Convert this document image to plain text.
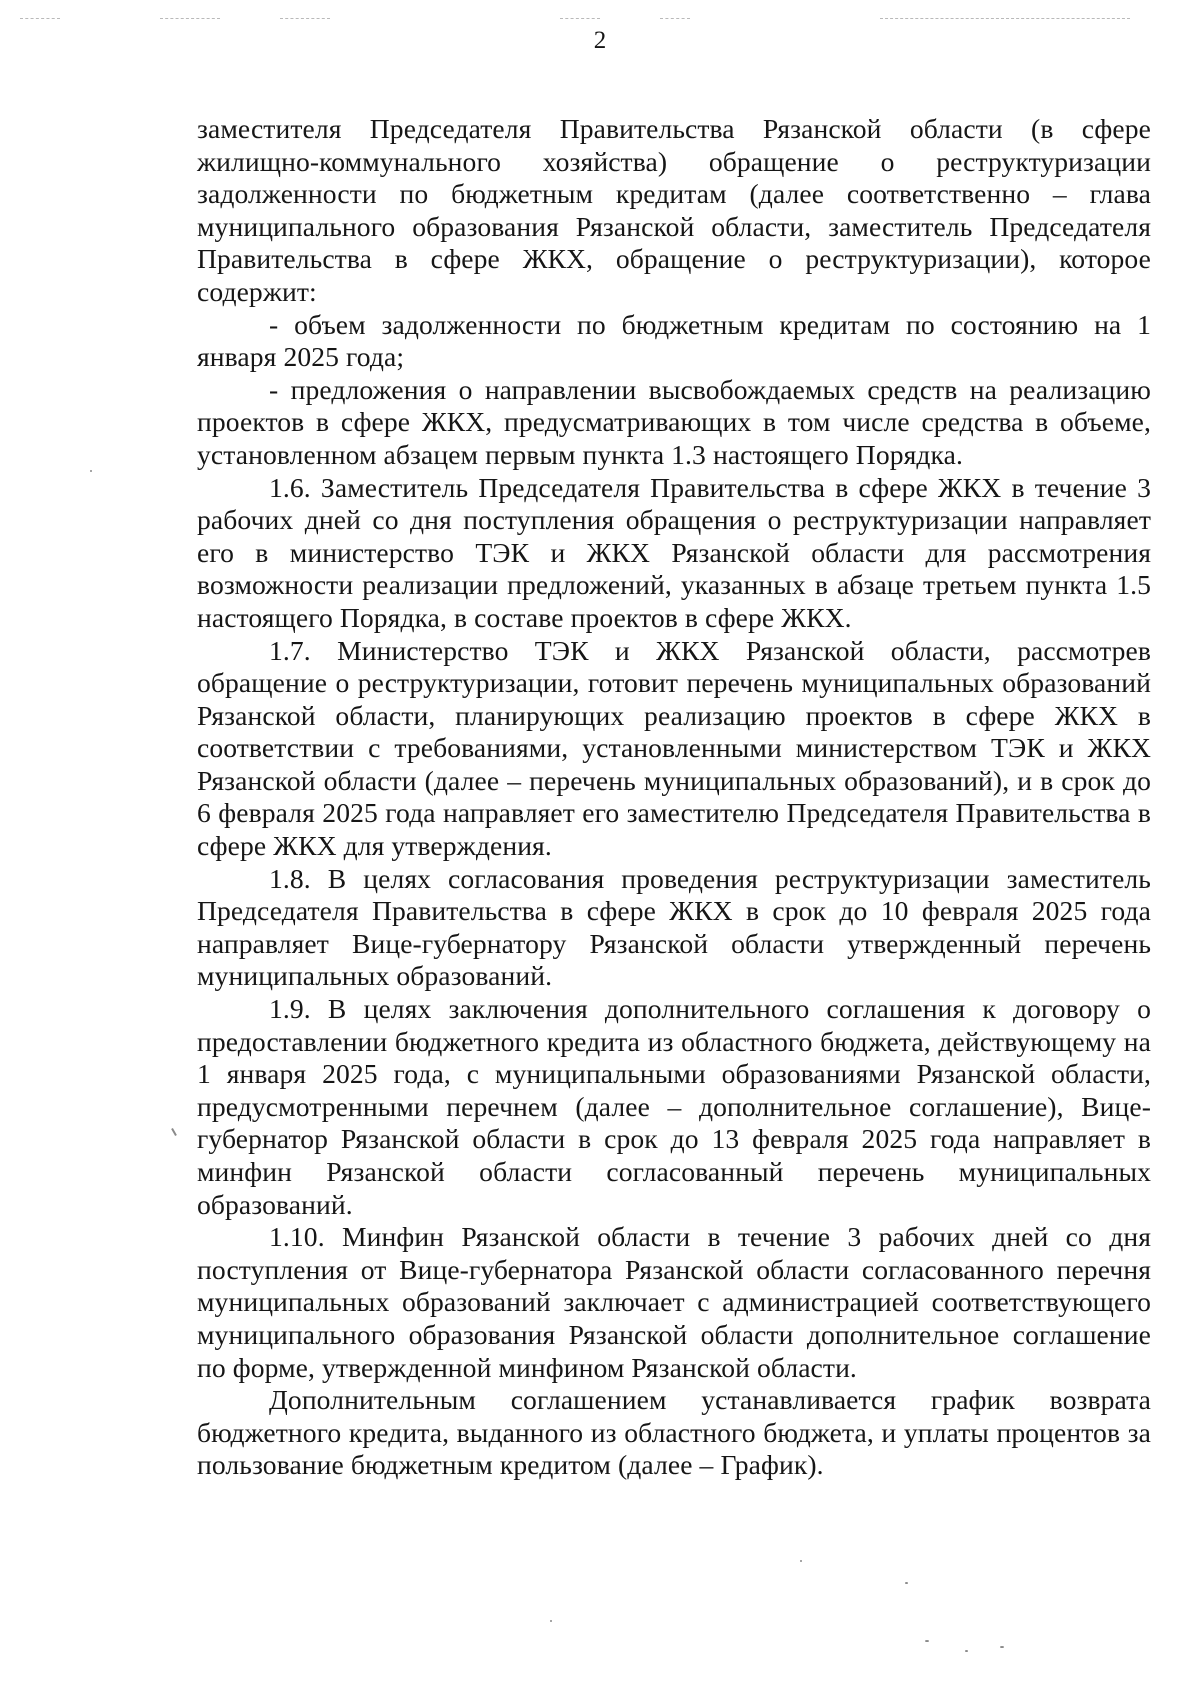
2

заместителя Председателя Правительства Рязанской области (в сфере жилищно-коммунального хозяйства) обращение о реструктуризации задолженности по бюджетным кредитам (далее соответственно – глава муниципального образования Рязанской области, заместитель Председателя Правительства в сфере ЖКХ, обращение о реструктуризации), которое содержит:

- объем задолженности по бюджетным кредитам по состоянию на 1 января 2025 года;

- предложения о направлении высвобождаемых средств на реализацию проектов в сфере ЖКХ, предусматривающих в том числе средства в объеме, установленном абзацем первым пункта 1.3 настоящего Порядка.

1.6. Заместитель Председателя Правительства в сфере ЖКХ в течение 3 рабочих дней со дня поступления обращения о реструктуризации направляет его в министерство ТЭК и ЖКХ Рязанской области для рассмотрения возможности реализации предложений, указанных в абзаце третьем пункта 1.5 настоящего Порядка, в составе проектов в сфере ЖКХ.

1.7. Министерство ТЭК и ЖКХ Рязанской области, рассмотрев обращение о реструктуризации, готовит перечень муниципальных образований Рязанской области, планирующих реализацию проектов в сфере ЖКХ в соответствии с требованиями, установленными министерством ТЭК и ЖКХ Рязанской области (далее – перечень муниципальных образований), и в срок до 6 февраля 2025 года направляет его заместителю Председателя Правительства в сфере ЖКХ для утверждения.

1.8. В целях согласования проведения реструктуризации заместитель Председателя Правительства в сфере ЖКХ в срок до 10 февраля 2025 года направляет Вице-губернатору Рязанской области утвержденный перечень муниципальных образований.

1.9. В целях заключения дополнительного соглашения к договору о предоставлении бюджетного кредита из областного бюджета, действующему на 1 января 2025 года, с муниципальными образованиями Рязанской области, предусмотренными перечнем (далее – дополнительное соглашение), Вице-губернатор Рязанской области в срок до 13 февраля 2025 года направляет в минфин Рязанской области согласованный перечень муниципальных образований.

1.10. Минфин Рязанской области в течение 3 рабочих дней со дня поступления от Вице-губернатора Рязанской области согласованного перечня муниципальных образований заключает с администрацией соответствующего муниципального образования Рязанской области дополнительное соглашение по форме, утвержденной минфином Рязанской области.

Дополнительным соглашением устанавливается график возврата бюджетного кредита, выданного из областного бюджета, и уплаты процентов за пользование бюджетным кредитом (далее – График).
